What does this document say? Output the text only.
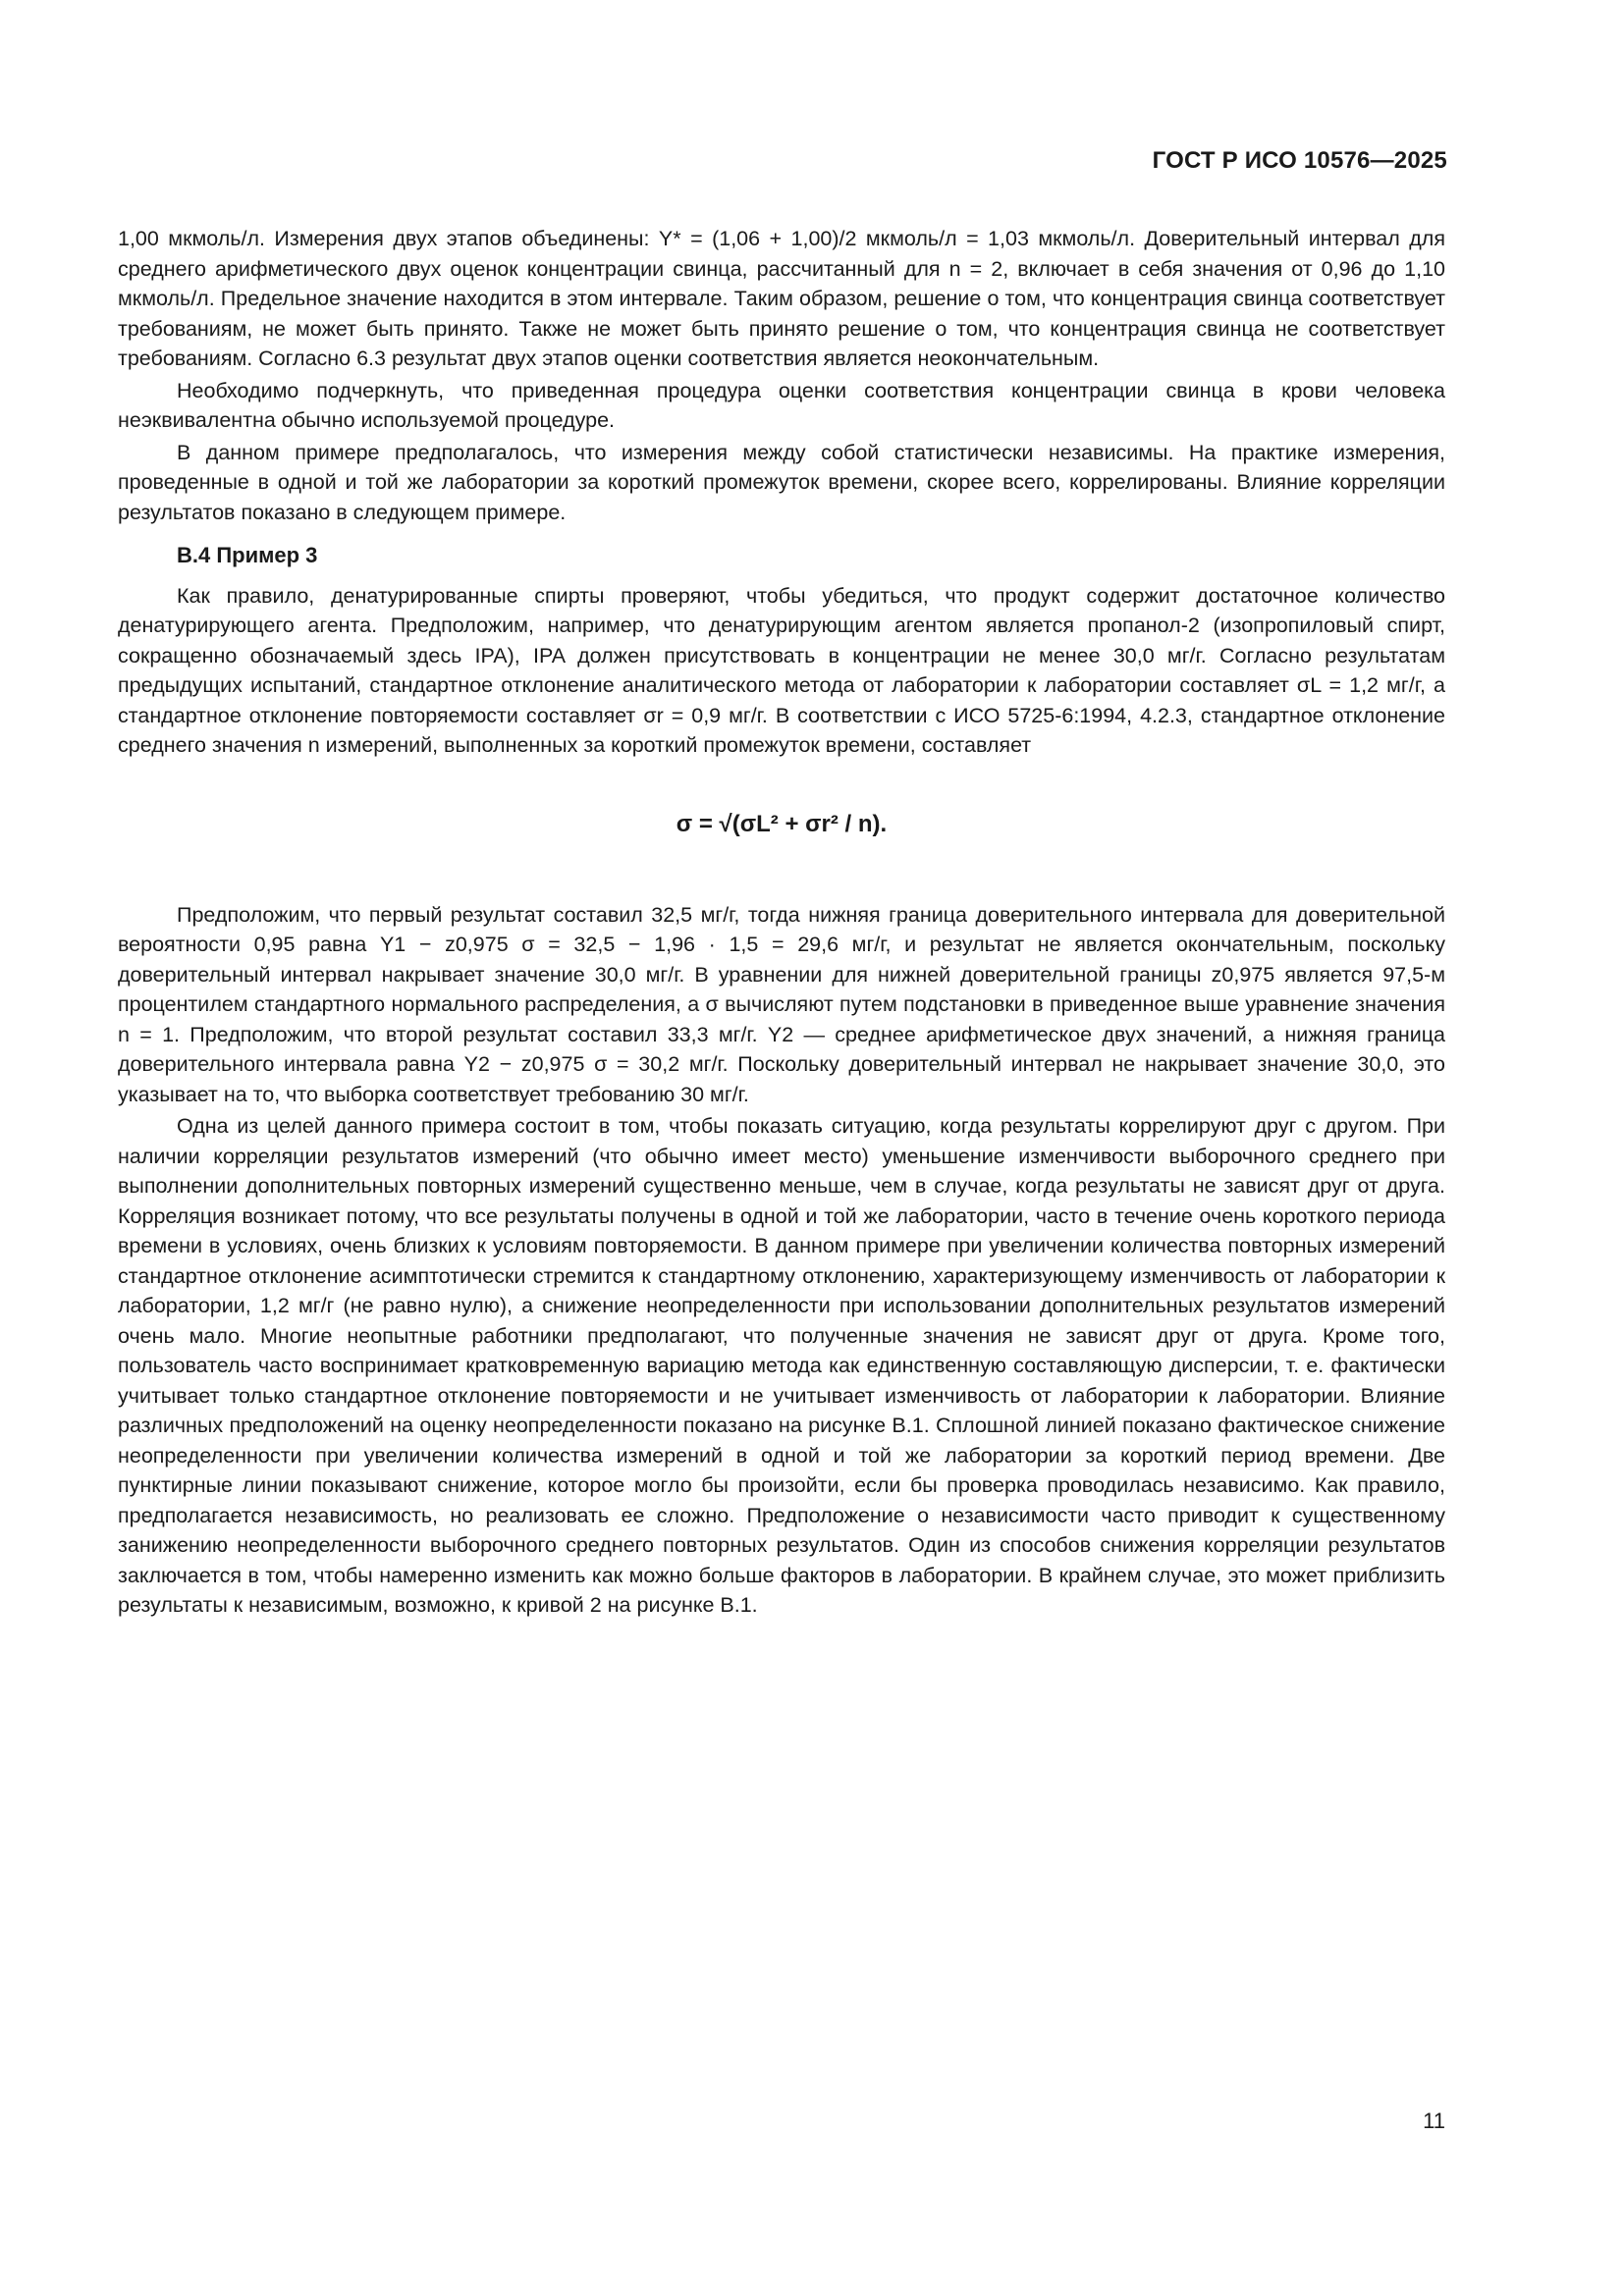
ГОСТ Р ИСО 10576—2025

1,00 мкмоль/л. Измерения двух этапов объединены: Y* = (1,06 + 1,00)/2 мкмоль/л = 1,03 мкмоль/л. Доверительный интервал для среднего арифметического двух оценок концентрации свинца, рассчитанный для n = 2, включает в себя значения от 0,96 до 1,10 мкмоль/л. Предельное значение находится в этом интервале. Таким образом, решение о том, что концентрация свинца соответствует требованиям, не может быть принято. Также не может быть принято решение о том, что концентрация свинца не соответствует требованиям. Согласно 6.3 результат двух этапов оценки соответствия является неокончательным.

Необходимо подчеркнуть, что приведенная процедура оценки соответствия концентрации свинца в крови человека неэквивалентна обычно используемой процедуре.

В данном примере предполагалось, что измерения между собой статистически независимы. На практике измерения, проведенные в одной и той же лаборатории за короткий промежуток времени, скорее всего, коррелированы. Влияние корреляции результатов показано в следующем примере.

B.4 Пример 3

Как правило, денатурированные спирты проверяют, чтобы убедиться, что продукт содержит достаточное количество денатурирующего агента. Предположим, например, что денатурирующим агентом является пропанол-2 (изопропиловый спирт, сокращенно обозначаемый здесь IPA), IPA должен присутствовать в концентрации не менее 30,0 мг/г. Согласно результатам предыдущих испытаний, стандартное отклонение аналитического метода от лаборатории к лаборатории составляет σL = 1,2 мг/г, а стандартное отклонение повторяемости составляет σr = 0,9 мг/г. В соответствии с ИСО 5725-6:1994, 4.2.3, стандартное отклонение среднего значения n измерений, выполненных за короткий промежуток времени, составляет

σ = √(σL² + σr² / n).

Предположим, что первый результат составил 32,5 мг/г, тогда нижняя граница доверительного интервала для доверительной вероятности 0,95 равна Y1 − z0,975 σ = 32,5 − 1,96 · 1,5 = 29,6 мг/г, и результат не является окончательным, поскольку доверительный интервал накрывает значение 30,0 мг/г. В уравнении для нижней доверительной границы z0,975 является 97,5-м процентилем стандартного нормального распределения, а σ вычисляют путем подстановки в приведенное выше уравнение значения n = 1. Предположим, что второй результат составил 33,3 мг/г. Y2 — среднее арифметическое двух значений, а нижняя граница доверительного интервала равна Y2 − z0,975 σ = 30,2 мг/г. Поскольку доверительный интервал не накрывает значение 30,0, это указывает на то, что выборка соответствует требованию 30 мг/г.

Одна из целей данного примера состоит в том, чтобы показать ситуацию, когда результаты коррелируют друг с другом. При наличии корреляции результатов измерений (что обычно имеет место) уменьшение изменчивости выборочного среднего при выполнении дополнительных повторных измерений существенно меньше, чем в случае, когда результаты не зависят друг от друга. Корреляция возникает потому, что все результаты получены в одной и той же лаборатории, часто в течение очень короткого периода времени в условиях, очень близких к условиям повторяемости. В данном примере при увеличении количества повторных измерений стандартное отклонение асимптотически стремится к стандартному отклонению, характеризующему изменчивость от лаборатории к лаборатории, 1,2 мг/г (не равно нулю), а снижение неопределенности при использовании дополнительных результатов измерений очень мало. Многие неопытные работники предполагают, что полученные значения не зависят друг от друга. Кроме того, пользователь часто воспринимает кратковременную вариацию метода как единственную составляющую дисперсии, т. е. фактически учитывает только стандартное отклонение повторяемости и не учитывает изменчивость от лаборатории к лаборатории. Влияние различных предположений на оценку неопределенности показано на рисунке B.1. Сплошной линией показано фактическое снижение неопределенности при увеличении количества измерений в одной и той же лаборатории за короткий период времени. Две пунктирные линии показывают снижение, которое могло бы произойти, если бы проверка проводилась независимо. Как правило, предполагается независимость, но реализовать ее сложно. Предположение о независимости часто приводит к существенному занижению неопределенности выборочного среднего повторных результатов. Один из способов снижения корреляции результатов заключается в том, чтобы намеренно изменить как можно больше факторов в лаборатории. В крайнем случае, это может приблизить результаты к независимым, возможно, к кривой 2 на рисунке B.1.

11
